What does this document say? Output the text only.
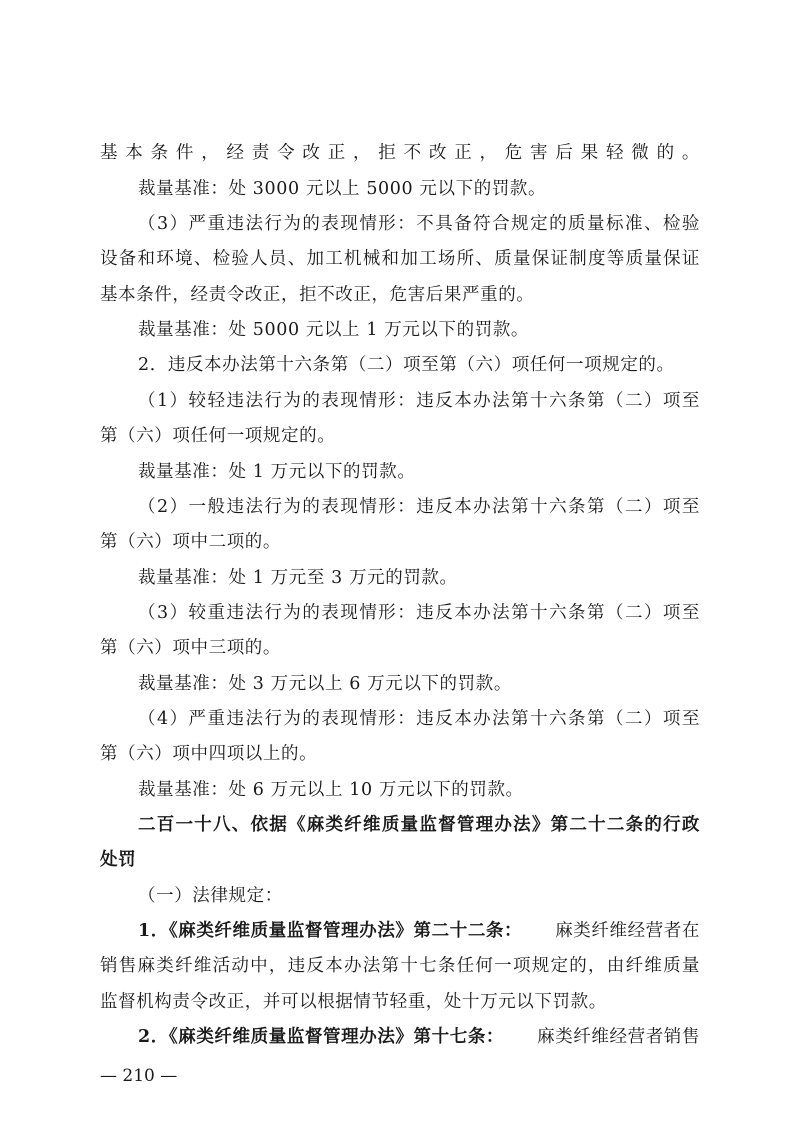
基本条件，经责令改正，拒不改正，危害后果轻微的。
裁量基准：处 3000 元以上 5000 元以下的罚款。
（3）严重违法行为的表现情形：不具备符合规定的质量标准、检验
设备和环境、检验人员、加工机械和加工场所、质量保证制度等质量保证
基本条件，经责令改正，拒不改正，危害后果严重的。
裁量基准：处 5000 元以上 1 万元以下的罚款。
2．违反本办法第十六条第（二）项至第（六）项任何一项规定的。
（1）较轻违法行为的表现情形：违反本办法第十六条第（二）项至
第（六）项任何一项规定的。
裁量基准：处 1 万元以下的罚款。
（2）一般违法行为的表现情形：违反本办法第十六条第（二）项至
第（六）项中二项的。
裁量基准：处 1 万元至 3 万元的罚款。
（3）较重违法行为的表现情形：违反本办法第十六条第（二）项至
第（六）项中三项的。
裁量基准：处 3 万元以上 6 万元以下的罚款。
（4）严重违法行为的表现情形：违反本办法第十六条第（二）项至
第（六）项中四项以上的。
裁量基准：处 6 万元以上 10 万元以下的罚款。
二百一十八、依据《麻类纤维质量监督管理办法》第二十二条的行政
处罚
（一）法律规定：
1．《麻类纤维质量监督管理办法》第二十二条： 麻类纤维经营者在
销售麻类纤维活动中，违反本办法第十七条任何一项规定的，由纤维质量
监督机构责令改正，并可以根据情节轻重，处十万元以下罚款。
2．《麻类纤维质量监督管理办法》第十七条： 麻类纤维经营者销售
— 210 —
